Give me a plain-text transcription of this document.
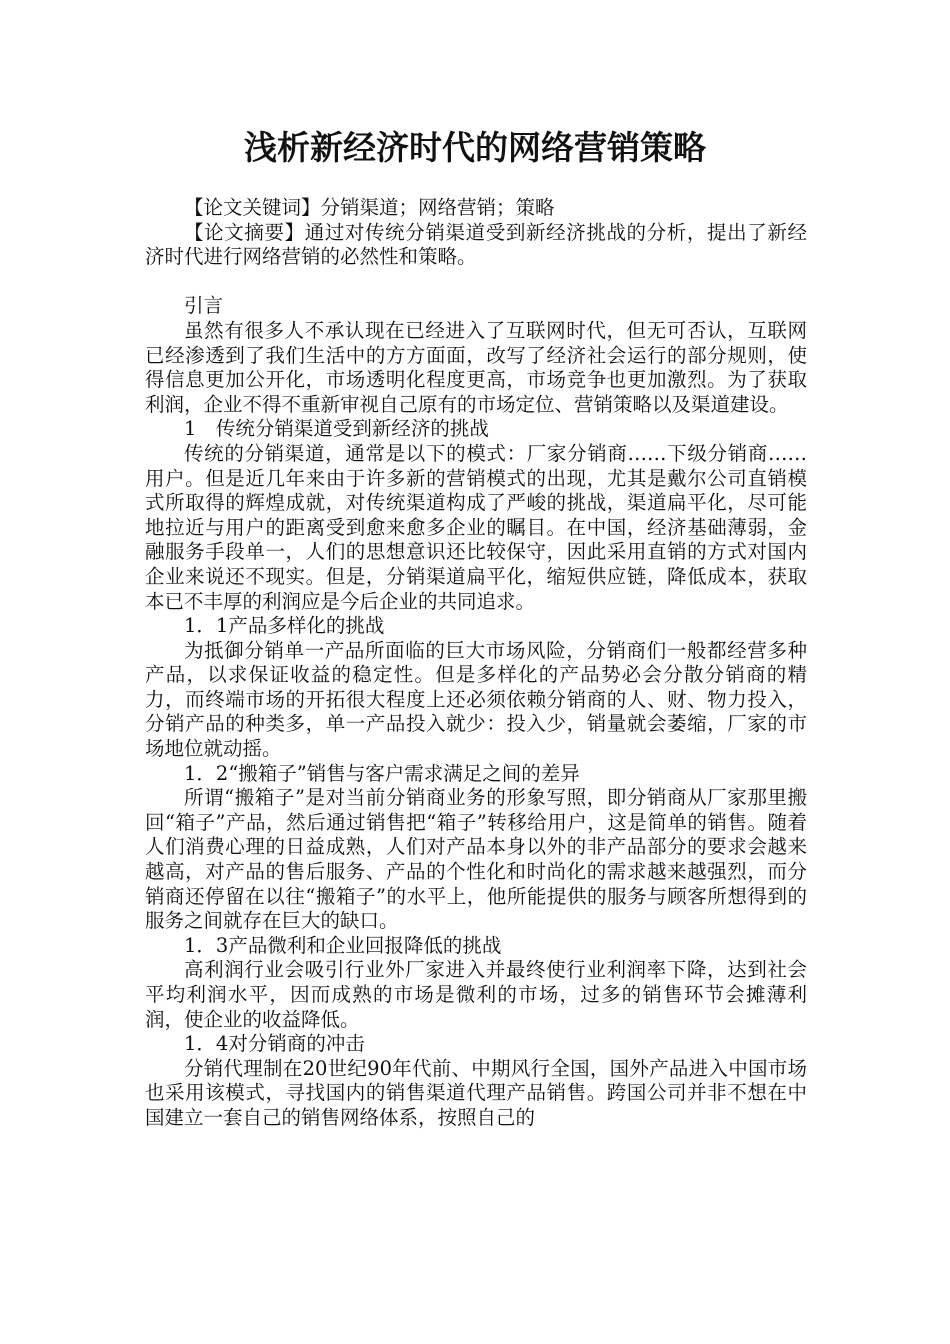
浅析新经济时代的网络营销策略

【论文关键词】分销渠道；网络营销；策略

【论文摘要】通过对传统分销渠道受到新经济挑战的分析，提出了新经济时代进行网络营销的必然性和策略。

引言

虽然有很多人不承认现在已经进入了互联网时代，但无可否认，互联网已经渗透到了我们生活中的方方面面，改写了经济社会运行的部分规则，使得信息更加公开化，市场透明化程度更高，市场竞争也更加激烈。为了获取利润，企业不得不重新审视自己原有的市场定位、营销策略以及渠道建设。

1　传统分销渠道受到新经济的挑战

传统的分销渠道，通常是以下的模式：厂家分销商……下级分销商……用户。但是近几年来由于许多新的营销模式的出现，尤其是戴尔公司直销模式所取得的辉煌成就，对传统渠道构成了严峻的挑战，渠道扁平化，尽可能地拉近与用户的距离受到愈来愈多企业的瞩目。在中国，经济基础薄弱，金融服务手段单一，人们的思想意识还比较保守，因此采用直销的方式对国内企业来说还不现实。但是，分销渠道扁平化，缩短供应链，降低成本，获取本已不丰厚的利润应是今后企业的共同追求。

1．1产品多样化的挑战

为抵御分销单一产品所面临的巨大市场风险，分销商们一般都经营多种产品，以求保证收益的稳定性。但是多样化的产品势必会分散分销商的精力，而终端市场的开拓很大程度上还必须依赖分销商的人、财、物力投入，分销产品的种类多，单一产品投入就少：投入少，销量就会萎缩，厂家的市场地位就动摇。

1．2“搬箱子”销售与客户需求满足之间的差异

所谓“搬箱子”是对当前分销商业务的形象写照，即分销商从厂家那里搬回“箱子”产品，然后通过销售把“箱子”转移给用户，这是简单的销售。随着人们消费心理的日益成熟，人们对产品本身以外的非产品部分的要求会越来越高，对产品的售后服务、产品的个性化和时尚化的需求越来越强烈，而分销商还停留在以往“搬箱子”的水平上，他所能提供的服务与顾客所想得到的服务之间就存在巨大的缺口。

1．3产品微利和企业回报降低的挑战

高利润行业会吸引行业外厂家进入并最终使行业利润率下降，达到社会平均利润水平，因而成熟的市场是微利的市场，过多的销售环节会摊薄利润，使企业的收益降低。

1．4对分销商的冲击

分销代理制在20世纪90年代前、中期风行全国，国外产品进入中国市场也采用该模式，寻找国内的销售渠道代理产品销售。跨国公司并非不想在中国建立一套自己的销售网络体系，按照自己的
